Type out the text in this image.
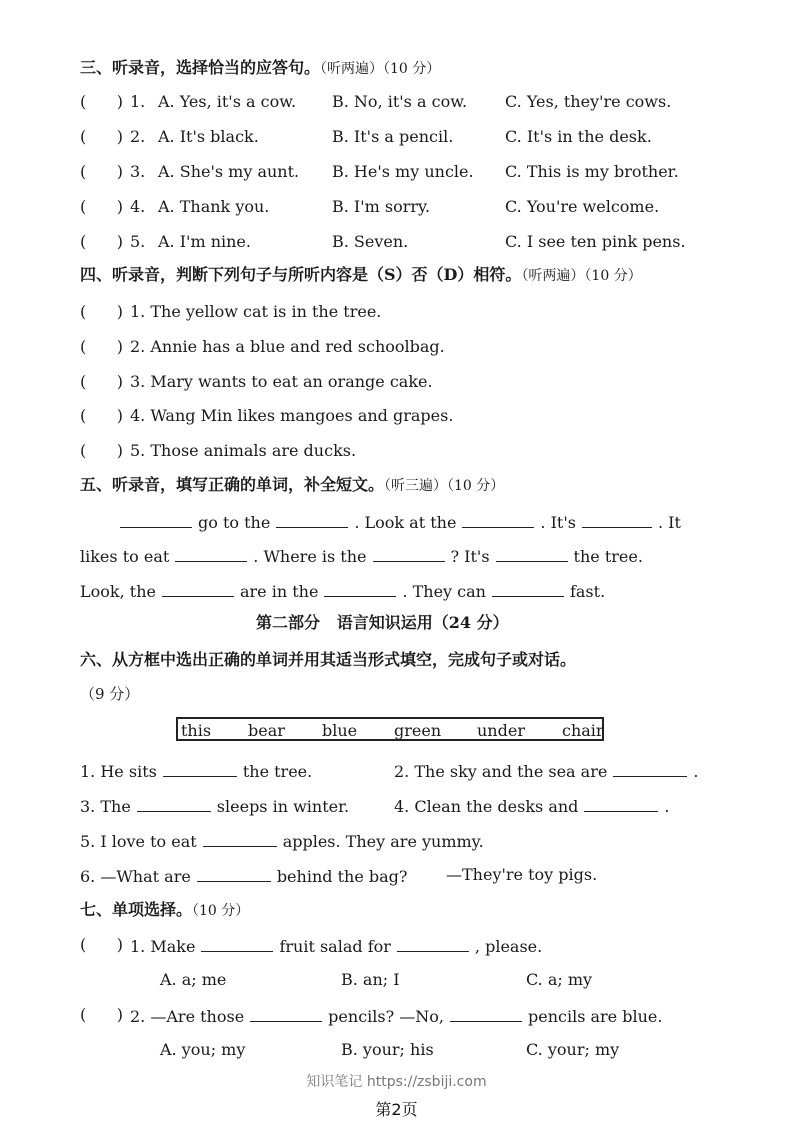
三、听录音，选择恰当的应答句。（听两遍）（10 分）
(      ) 1. A. Yes, it's a cow. B. No, it's a cow. C. Yes, they're cows.
(      ) 2. A. It's black.	B. It's a pencil.	C. It's in the desk.
(      ) 3. A. She's my aunt. B. He's my uncle. C. This is my brother.
(      ) 4. A. Thank you.	B. I'm sorry.	C. You're welcome.
(      ) 5. A. I'm nine.	B. Seven.	C. I see ten pink pens.
四、听录音，判断下列句子与所听内容是（S）否（D）相符。（听两遍）（10 分）
(      ) 1. The yellow cat is in the tree.
(      ) 2. Annie has a blue and red schoolbag.
(      ) 3. Mary wants to eat an orange cake.
(      ) 4. Wang Min likes mangoes and grapes.
(      ) 5. Those animals are ducks.
五、听录音，填写正确的单词，补全短文。（听三遍）（10 分）
go to the	. Look at the	. It's	. It
likes to eat	. Where is the	? It's	the tree.
Look, the	are in the	. They can	fast.
第二部分 语言知识运用（24 分）
六、从方框中选出正确的单词并用其适当形式填空，完成句子或对话。
（9 分）
this bear blue green under chair
1. He sits	the tree.	2. The sky and the sea are	.
3. The	sleeps in winter.	4. Clean the desks and	.
5. I love to eat	apples. They are yummy.
6. —What are	behind the bag? —They're toy pigs.
七、单项选择。（10 分）
(      ) 1. Make	fruit salad for	, please.
A. a; me	B. an; I	C. a; my
(      ) 2. —Are those	pencils? —No,	pencils are blue.
A. you; my	B. your; his	C. your; my
知识笔记 https://zsbiji.com
第2页
